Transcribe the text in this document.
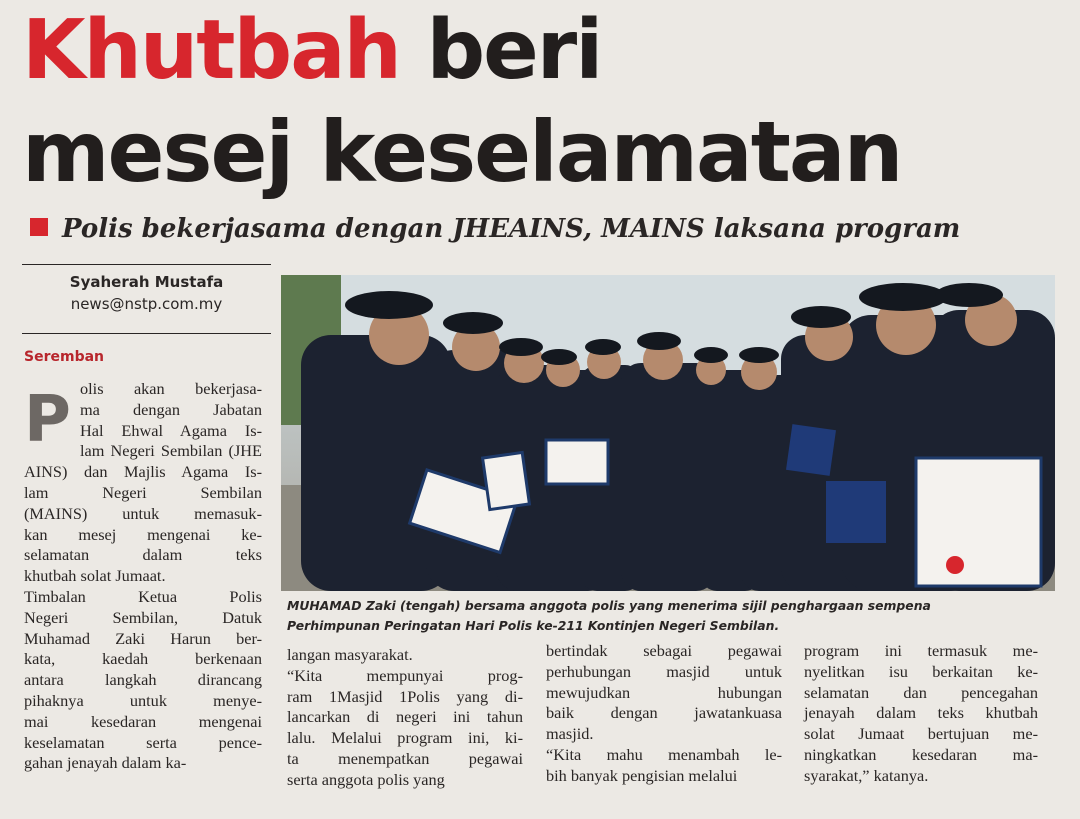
Khutbah beri
mesej keselamatan
Polis bekerjasama dengan JHEAINS, MAINS laksana program
Syaherah Mustafa
news@nstp.com.my
Seremban
P olis akan bekerjasa-
ma dengan Jabatan
Hal Ehwal Agama Is-
lam Negeri Sembilan (JHE
AINS) dan Majlis Agama Is-
lam Negeri Sembilan
(MAINS) untuk memasuk-
kan mesej mengenai ke-
selamatan dalam teks
khutbah solat Jumaat.
Timbalan Ketua Polis
Negeri Sembilan, Datuk
Muhamad Zaki Harun ber-
kata, kaedah berkenaan
antara langkah dirancang
pihaknya untuk menye-
mai kesedaran mengenai
keselamatan serta pence-
gahan jenayah dalam ka-
MUHAMAD Zaki (tengah) bersama anggota polis yang menerima sijil penghargaan sempena
Perhimpunan Peringatan Hari Polis ke-211 Kontinjen Negeri Sembilan.
langan masyarakat.
“Kita mempunyai prog-
ram 1Masjid 1Polis yang di-
lancarkan di negeri ini tahun
lalu. Melalui program ini, ki-
ta menempatkan pegawai
serta anggota polis yang
bertindak sebagai pegawai
perhubungan masjid untuk
mewujudkan hubungan
baik dengan jawatankuasa
masjid.
“Kita mahu menambah le-
bih banyak pengisian melalui
program ini termasuk me-
nyelitkan isu berkaitan ke-
selamatan dan pencegahan
jenayah dalam teks khutbah
solat Jumaat bertujuan me-
ningkatkan kesedaran ma-
syarakat,” katanya.
